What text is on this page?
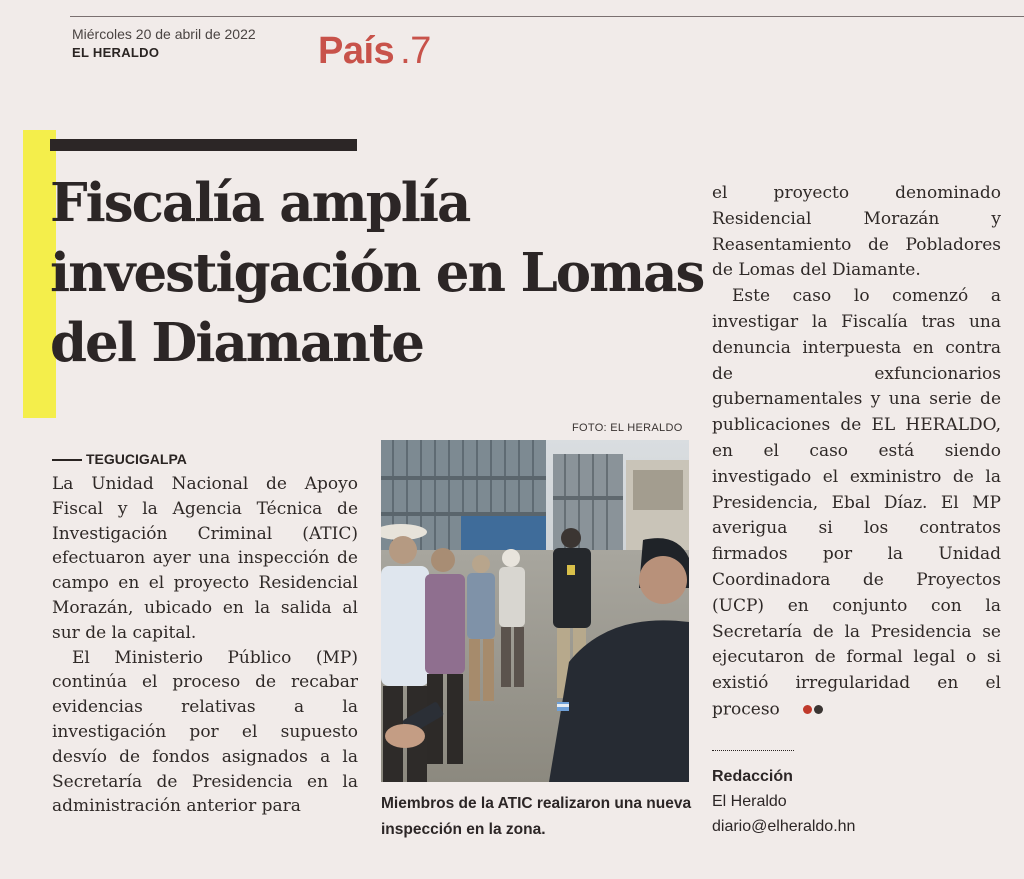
Miércoles 20 de abril de 2022
EL HERALDO	País .7
Fiscalía amplía investigación en Lomas del Diamante
FOTO: EL HERALDO
TEGUCIGALPA

La Unidad Nacional de Apoyo Fiscal y la Agencia Técnica de Investigación Criminal (ATIC) efectuaron ayer una inspección de campo en el proyecto Residencial Morazán, ubicado en la salida al sur de la capital.

El Ministerio Público (MP) continúa el proceso de recabar evidencias relativas a la investigación por el supuesto desvío de fondos asignados a la Secretaría de Presidencia en la administración anterior para	Miembros de la ATIC realizaron una nueva inspección en la zona.

el proyecto denominado Residencial Morazán y Reasentamiento de Pobladores de Lomas del Diamante.

Este caso lo comenzó a investigar la Fiscalía tras una denuncia interpuesta en contra de exfuncionarios gubernamentales y una serie de publicaciones de EL HERALDO, en el caso está siendo investigado el exministro de la Presidencia, Ebal Díaz. El MP averigua si los contratos firmados por la Unidad Coordinadora de Proyectos (UCP) en conjunto con la Secretaría de la Presidencia se ejecutaron de formal legal o si existió irregularidad en el proceso

Redacción
El Heraldo
diario@elheraldo.hn
